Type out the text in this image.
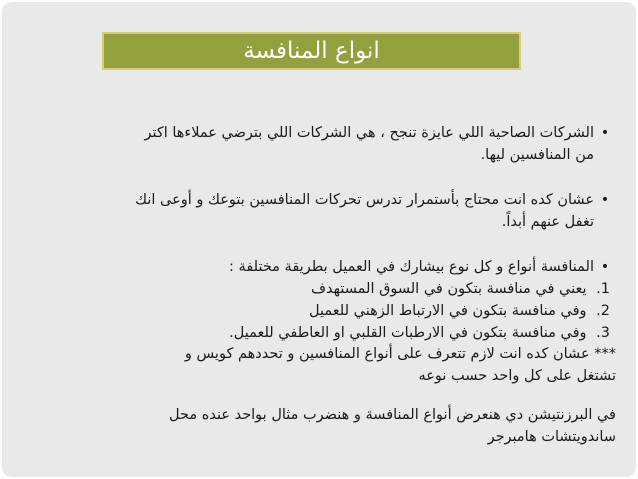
انواع المنافسة
•
الشركات الصاحية اللي عايزة تنجح ، هي الشركات اللي بترضي عملاءها اكتر
من المنافسين ليها.
•
عشان كده انت محتاج بأستمرار تدرس تحركات المنافسين بتوعك و أوعى انك
تغفل عنهم أبداً.
•
المنافسة أنواع و كل نوع بيشارك في العميل بطريقة مختلفة :
1. يعني في منافسة بتكون في السوق المستهدف
2. وفي منافسة بتكون في الارتباط الزهني للعميل
3. وفي منافسة بتكون في الارطبات القلبي او العاطفي للعميل.
*** عشان كده انت لازم تتعرف على أنواع المنافسين و تحددهم كويس و
تشتغل على كل واحد حسب نوعه
في البرزنتيشن دي هنعرض أنواع المنافسة و هنضرب مثال بواحد عنده محل
ساندويتشات هامبرجر
